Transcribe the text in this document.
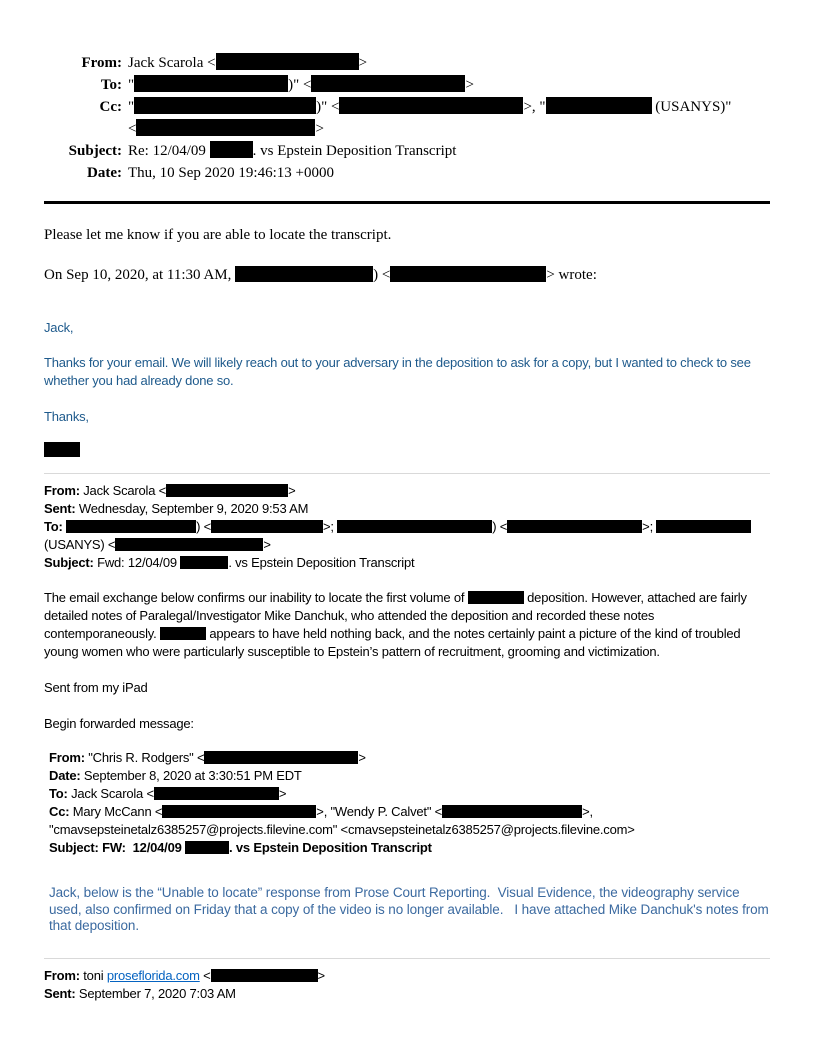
From: Jack Scarola <	>
To: "	)" <	>
Cc: "	)" <	>, "	(USANYS)"
<	>
Subject: Re: 12/04/09	. vs Epstein Deposition Transcript
Date: Thu, 10 Sep 2020 19:46:13 +0000
Please let me know if you are able to locate the transcript.
On Sep 10, 2020, at 11:30 AM,	) <	> wrote:
Jack,
Thanks for your email. We will likely reach out to your adversary in the deposition to ask for a copy, but I wanted to check to see whether you had already done so.
Thanks,
From: Jack Scarola <	>
Sent: Wednesday, September 9, 2020 9:53 AM
To:	) <	>;	) <	>;
(USANYS) <	>
Subject: Fwd: 12/04/09	. vs Epstein Deposition Transcript
The email exchange below confirms our inability to locate the first volume of	deposition. However, attached are fairly detailed notes of Paralegal/Investigator Mike Danchuk, who attended the deposition and recorded these notes contemporaneously.	appears to have held nothing back, and the notes certainly paint a picture of the kind of troubled young women who were particularly susceptible to Epstein’s pattern of recruitment, grooming and victimization.
Sent from my iPad
Begin forwarded message:
From: "Chris R. Rodgers" <	>
Date: September 8, 2020 at 3:30:51 PM EDT
To: Jack Scarola <	>
Cc: Mary McCann <	>, "Wendy P. Calvet" <	>,
"cmavsepsteinetalz6385257@projects.filevine.com" <cmavsepsteinetalz6385257@projects.filevine.com>
Subject: FW:  12/04/09	. vs Epstein Deposition Transcript
Jack, below is the “Unable to locate” response from Prose Court Reporting.  Visual Evidence, the videography service used, also confirmed on Friday that a copy of the video is no longer available.   I have attached Mike Danchuk's notes from that deposition.
From: toni proseflorida.com <	>
Sent: September 7, 2020 7:03 AM
